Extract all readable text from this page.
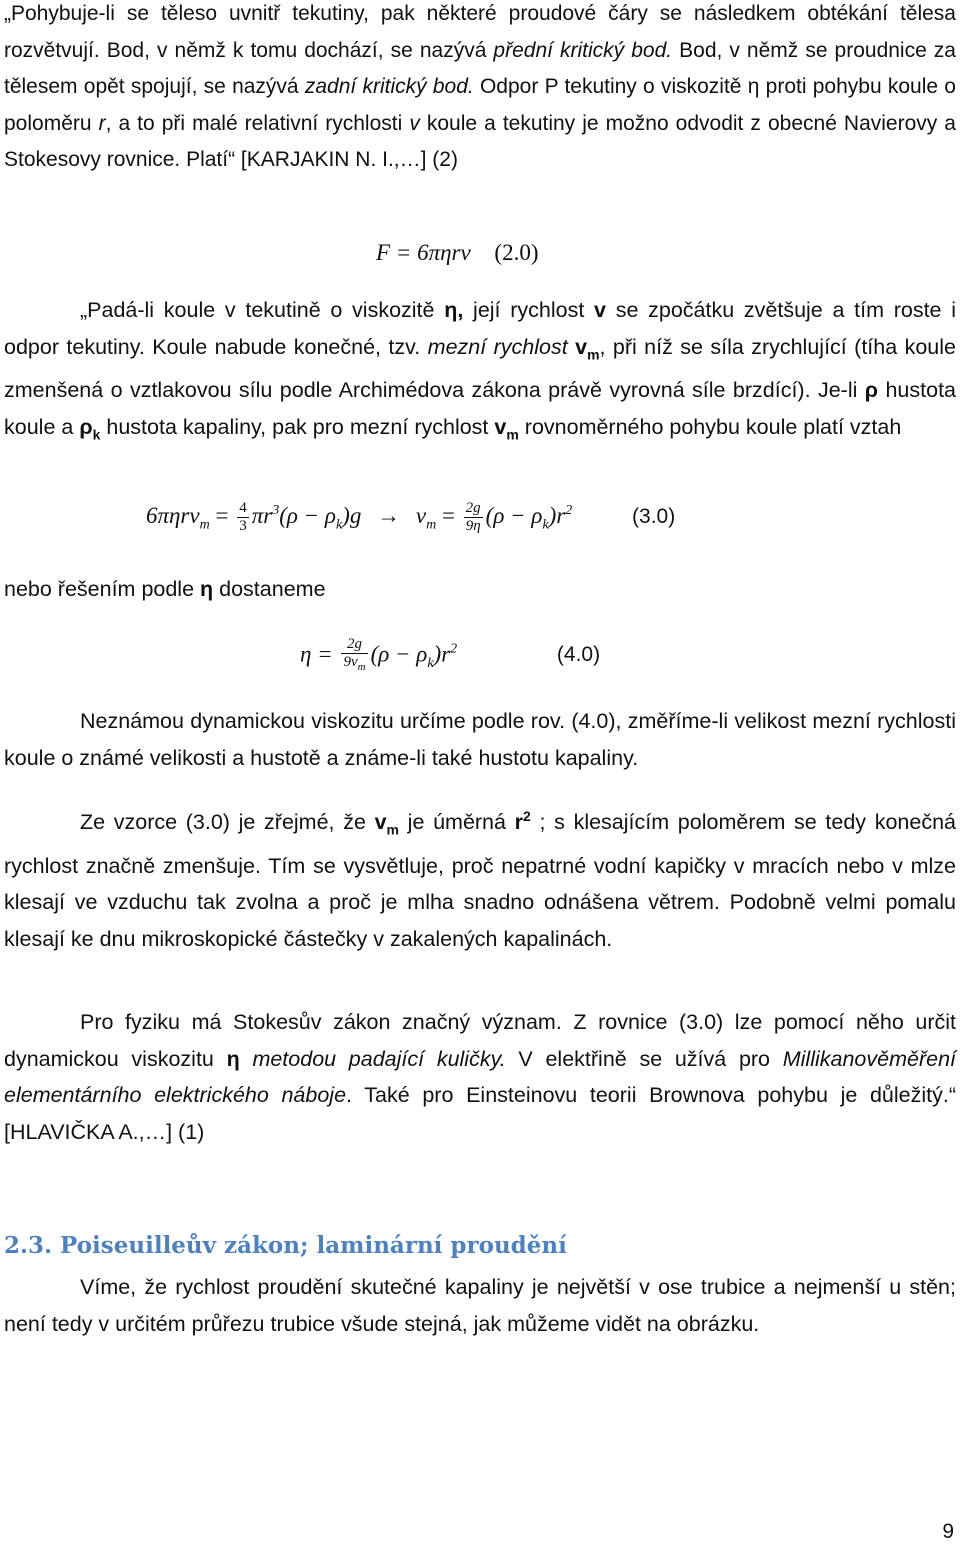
„Pohybuje-li se těleso uvnitř tekutiny, pak některé proudové čáry se následkem obtékání tělesa rozvětvují. Bod, v němž k tomu dochází, se nazývá přední kritický bod. Bod, v němž se proudnice za tělesem opět spojují, se nazývá zadní kritický bod. Odpor P tekutiny o viskozitě η proti pohybu koule o poloměru r, a to při malé relativní rychlosti v koule a tekutiny je možno odvodit z obecné Navierovy a Stokesovy rovnice. Platí“ [KARJAKIN N. I.,…] (2)

F = 6πηrv (2.0)

„Padá-li koule v tekutině o viskozitě η, její rychlost v se zpočátku zvětšuje a tím roste i odpor tekutiny. Koule nabude konečné, tzv. mezní rychlost $v_m$, při níž se síla zrychlující (tíha koule zmenšená o vztlakovou sílu podle Archimédova zákona právě vyrovná síle brzdící). Je-li ρ hustota koule a $\rho_k$ hustota kapaliny, pak pro mezní rychlost $v_m$ rovnoměrného pohybu koule platí vztah

$6\pi\eta rv_m = \frac{4}{3} \pi r^3(\rho - \rho_k)g \to v_m = \frac{2g}{9\eta} (\rho - \rho_k)r^2$	(3.0)

nebo řešením podle η dostaneme

$\eta = \frac{2g}{9v_m} (\rho - \rho_k)r^2$	(4.0)

Neznámou dynamickou viskozitu určíme podle rov. (4.0), změříme-li velikost mezní rychlosti koule o známé velikosti a hustotě a známe-li také hustotu kapaliny.

Ze vzorce (3.0) je zřejmé, že $v_m$ je úměrná $r^2$ ; s klesajícím poloměrem se tedy konečná rychlost značně zmenšuje. Tím se vysvětluje, proč nepatrné vodní kapičky v mracích nebo v mlze klesají ve vzduchu tak zvolna a proč je mlha snadno odnášena větrem. Podobně velmi pomalu klesají ke dnu mikroskopické částečky v zakalených kapalinách.

Pro fyziku má Stokesův zákon značný význam. Z rovnice (3.0) lze pomocí něho určit dynamickou viskozitu η metodou padající kuličky. V elektřině se užívá pro Millikanověměření elementárního elektrického náboje. Také pro Einsteinovu teorii Brownova pohybu je důležitý.“ [HLAVIČKA A.,…] (1)

2.3. Poiseuilleův zákon; laminární proudění

Víme, že rychlost proudění skutečné kapaliny je největší v ose trubice a nejmenší u stěn; není tedy v určitém průřezu trubice všude stejná, jak můžeme vidět na obrázku.

9
